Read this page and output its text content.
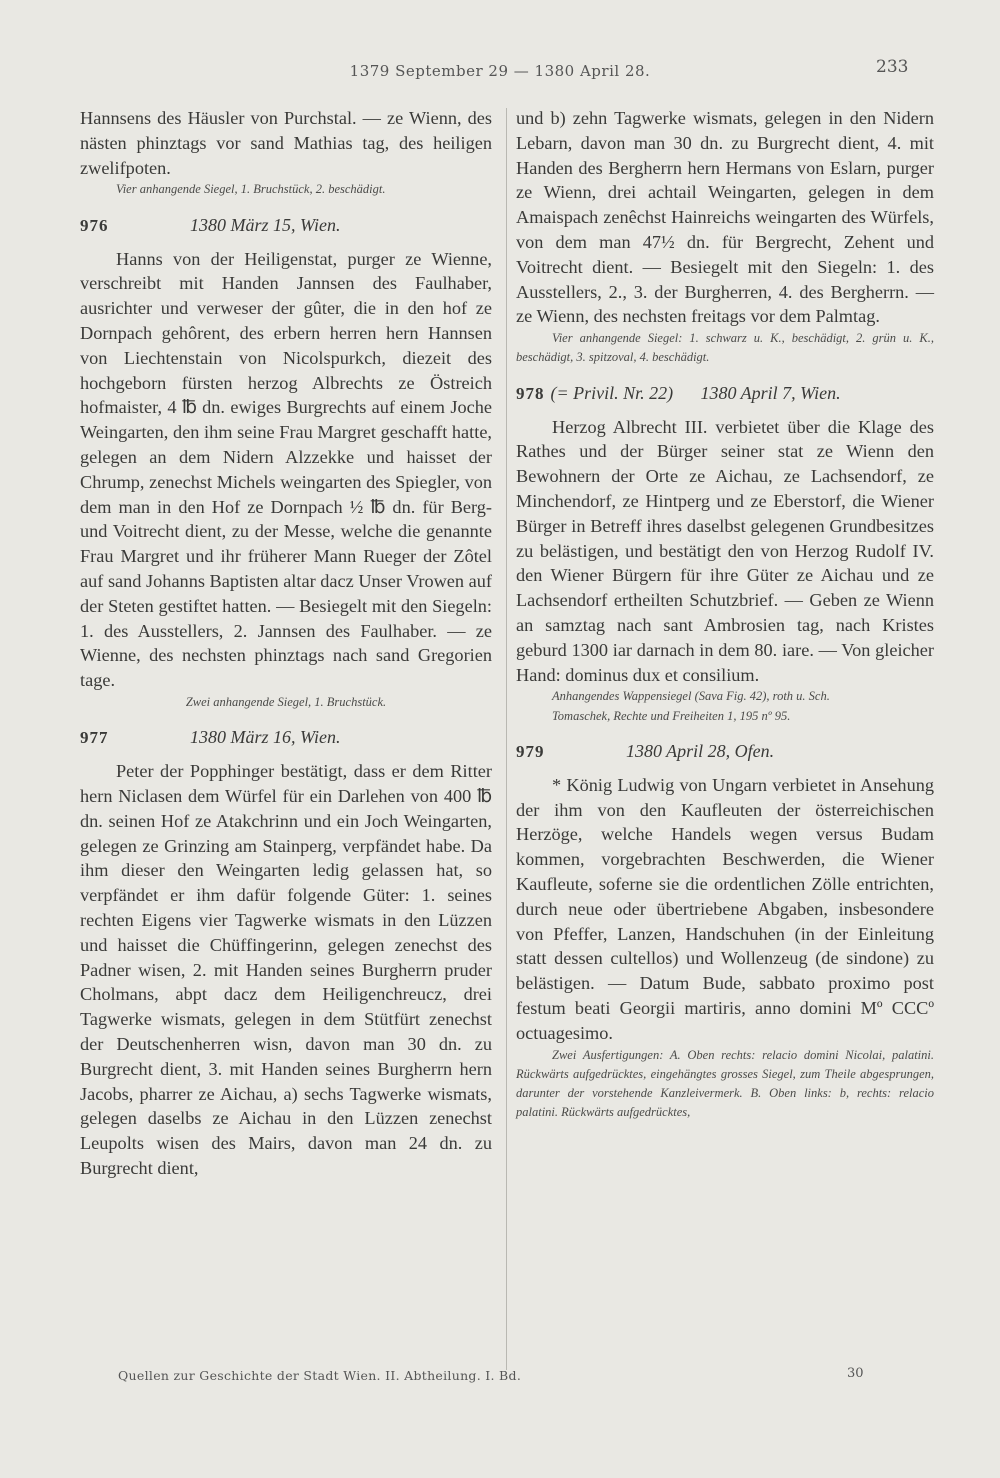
1379 September 29 — 1380 April 28.	233

Hannsens des Häusler von Purchstal. — ze Wienn, des nästen phinztags vor sand Mathias tag, des heiligen zwelifpoten.

Vier anhangende Siegel, 1. Bruchstück, 2. beschädigt.

976	1380 März 15, Wien.

Hanns von der Heiligenstat, purger ze Wienne, verschreibt mit Handen Jannsen des Faulhaber, ausrichter und verweser der gûter, die in den hof ze Dornpach gehôrent, des erbern herren hern Hannsen von Liechtenstain von Nicolspurkch, diezeit des hochgeborn fürsten herzog Albrechts ze Östreich hofmaister, 4 ℔ dn. ewiges Burgrechts auf einem Joche Weingarten, den ihm seine Frau Margret geschafft hatte, gelegen an dem Nidern Alzzekke und haisset der Chrump, zenechst Michels weingarten des Spiegler, von dem man in den Hof ze Dornpach ½ ℔ dn. für Berg- und Voitrecht dient, zu der Messe, welche die genannte Frau Margret und ihr früherer Mann Rueger der Zôtel auf sand Johanns Baptisten altar dacz Unser Vrowen auf der Steten gestiftet hatten. — Besiegelt mit den Siegeln: 1. des Ausstellers, 2. Jannsen des Faulhaber. — ze Wienne, des nechsten phinztags nach sand Gregorien tage.

Zwei anhangende Siegel, 1. Bruchstück.

977	1380 März 16, Wien.

Peter der Popphinger bestätigt, dass er dem Ritter hern Niclasen dem Würfel für ein Darlehen von 400 ℔ dn. seinen Hof ze Atakchrinn und ein Joch Weingarten, gelegen ze Grinzing am Stainperg, verpfändet habe. Da ihm dieser den Weingarten ledig gelassen hat, so verpfändet er ihm dafür folgende Güter: 1. seines rechten Eigens vier Tagwerke wismats in den Lüzzen und haisset die Chüffingerinn, gelegen zenechst des Padner wisen, 2. mit Handen seines Burgherrn pruder Cholmans, abpt dacz dem Heiligenchreucz, drei Tagwerke wismats, gelegen in dem Stütfürt zenechst der Deutschenherren wisn, davon man 30 dn. zu Burgrecht dient, 3. mit Handen seines Burgherrn hern Jacobs, pharrer ze Aichau, a) sechs Tagwerke wismats, gelegen daselbs ze Aichau in den Lüzzen zenechst Leupolts wisen des Mairs, davon man 24 dn. zu Burgrecht dient,

und b) zehn Tagwerke wismats, gelegen in den Nidern Lebarn, davon man 30 dn. zu Burgrecht dient, 4. mit Handen des Bergherrn hern Hermans von Eslarn, purger ze Wienn, drei achtail Weingarten, gelegen in dem Amaispach zenêchst Hainreichs weingarten des Würfels, von dem man 47½ dn. für Bergrecht, Zehent und Voitrecht dient. — Besiegelt mit den Siegeln: 1. des Ausstellers, 2., 3. der Burgherren, 4. des Bergherrn. — ze Wienn, des nechsten freitags vor dem Palmtag.

Vier anhangende Siegel: 1. schwarz u. K., beschädigt, 2. grün u. K., beschädigt, 3. spitzoval, 4. beschädigt.

978 (= Privil. Nr. 22)	1380 April 7, Wien.

Herzog Albrecht III. verbietet über die Klage des Rathes und der Bürger seiner stat ze Wienn den Bewohnern der Orte ze Aichau, ze Lachsendorf, ze Minchendorf, ze Hintperg und ze Eberstorf, die Wiener Bürger in Betreff ihres daselbst gelegenen Grundbesitzes zu belästigen, und bestätigt den von Herzog Rudolf IV. den Wiener Bürgern für ihre Güter ze Aichau und ze Lachsendorf ertheilten Schutzbrief. — Geben ze Wienn an samztag nach sant Ambrosien tag, nach Kristes geburd 1300 iar darnach in dem 80. iare. — Von gleicher Hand: dominus dux et consilium.

Anhangendes Wappensiegel (Sava Fig. 42), roth u. Sch.

Tomaschek, Rechte und Freiheiten 1, 195 nº 95.

979	1380 April 28, Ofen.

* König Ludwig von Ungarn verbietet in Ansehung der ihm von den Kaufleuten der österreichischen Herzöge, welche Handels wegen versus Budam kommen, vorgebrachten Beschwerden, die Wiener Kaufleute, soferne sie die ordentlichen Zölle entrichten, durch neue oder übertriebene Abgaben, insbesondere von Pfeffer, Lanzen, Handschuhen (in der Einleitung statt dessen cultellos) und Wollenzeug (de sindone) zu belästigen. — Datum Bude, sabbato proximo post festum beati Georgii martiris, anno domini Mº CCCº octuagesimo.

Zwei Ausfertigungen: A. Oben rechts: relacio domini Nicolai, palatini. Rückwärts aufgedrücktes, eingehängtes grosses Siegel, zum Theile abgesprungen, darunter der vorstehende Kanzleivermerk. B. Oben links: b, rechts: relacio palatini. Rückwärts aufgedrücktes,

Quellen zur Geschichte der Stadt Wien. II. Abtheilung. I. Bd.	30
